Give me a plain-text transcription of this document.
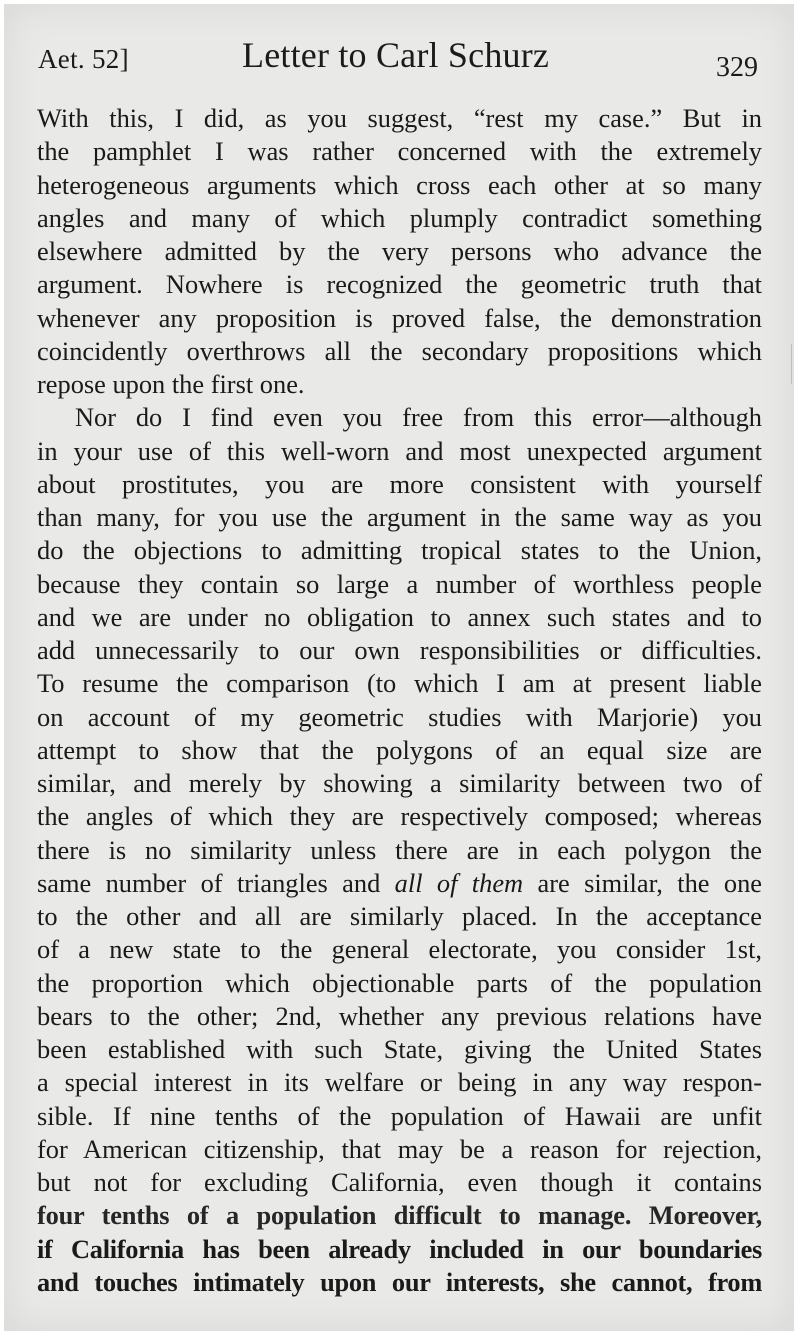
Aet. 52]	Letter to Carl Schurz	329
With this, I did, as you suggest, “rest my case.” But in
the pamphlet I was rather concerned with the extremely
heterogeneous arguments which cross each other at so many
angles and many of which plumply contradict something
elsewhere admitted by the very persons who advance the
argument. Nowhere is recognized the geometric truth that
whenever any proposition is proved false, the demonstration
coincidently overthrows all the secondary propositions which
repose upon the first one.
Nor do I find even you free from this error—although
in your use of this well-worn and most unexpected argument
about prostitutes, you are more consistent with yourself
than many, for you use the argument in the same way as you
do the objections to admitting tropical states to the Union,
because they contain so large a number of worthless people
and we are under no obligation to annex such states and to
add unnecessarily to our own responsibilities or difficulties.
To resume the comparison (to which I am at present liable
on account of my geometric studies with Marjorie) you
attempt to show that the polygons of an equal size are
similar, and merely by showing a similarity between two of
the angles of which they are respectively composed; whereas
there is no similarity unless there are in each polygon the
same number of triangles and all of them are similar, the one
to the other and all are similarly placed. In the acceptance
of a new state to the general electorate, you consider 1st,
the proportion which objectionable parts of the population
bears to the other; 2nd, whether any previous relations have
been established with such State, giving the United States
a special interest in its welfare or being in any way respon-
sible. If nine tenths of the population of Hawaii are unfit
for American citizenship, that may be a reason for rejection,
but not for excluding California, even though it contains
four tenths of a population difficult to manage. Moreover,
if California has been already included in our boundaries
and touches intimately upon our interests, she cannot, from
